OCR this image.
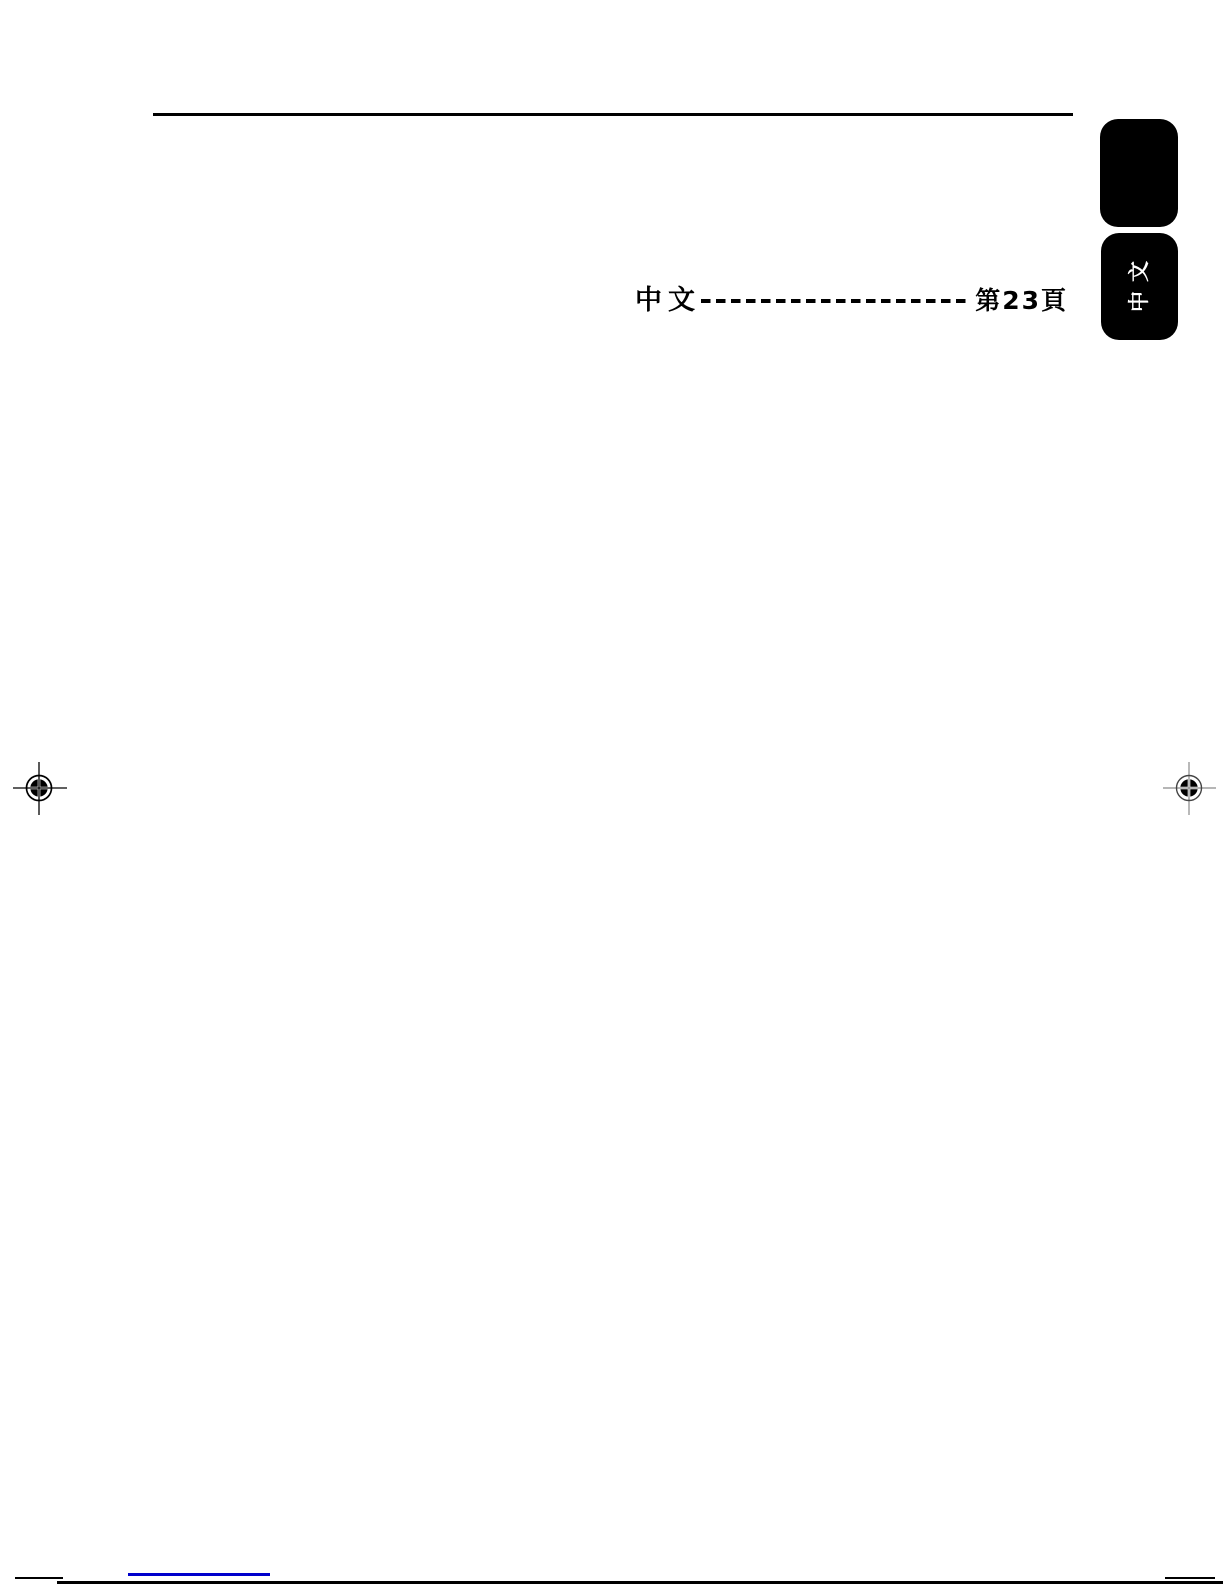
中文
中文	第23頁
